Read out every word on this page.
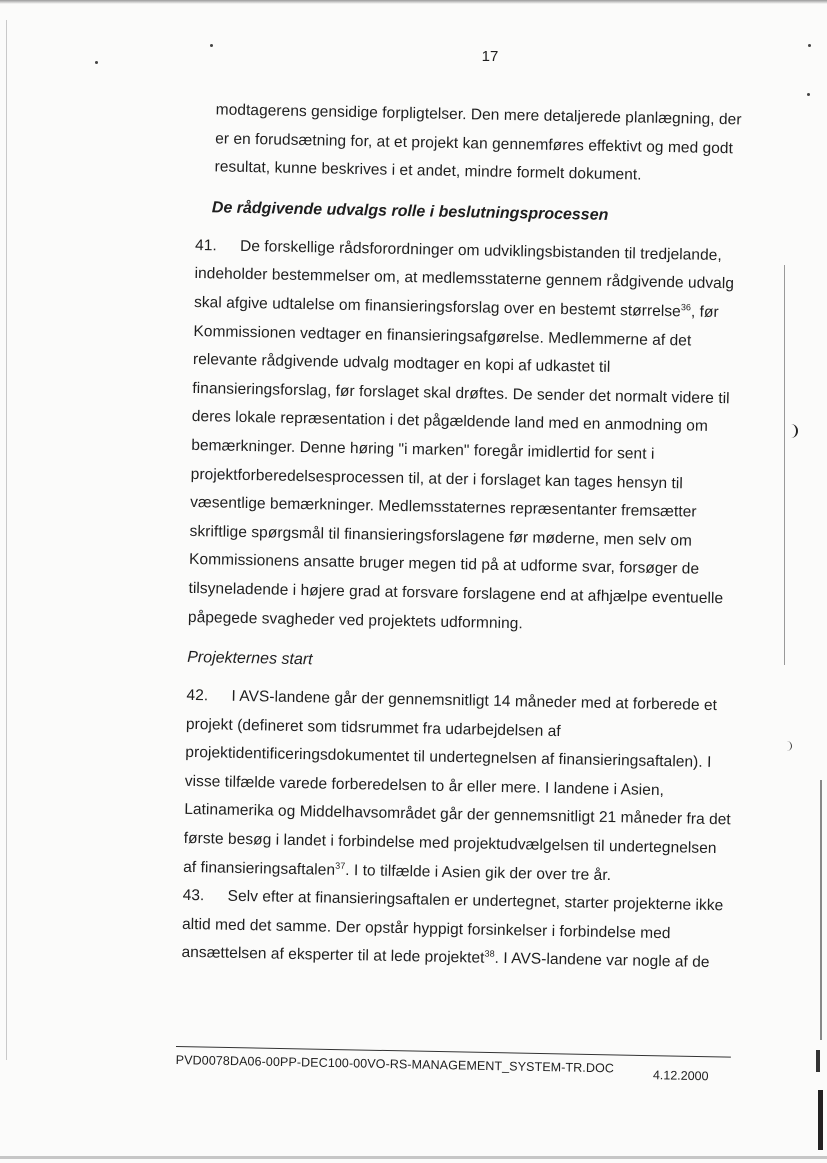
17

modtagerens gensidige forpligtelser. Den mere detaljerede planlægning, der er en forudsætning for, at et projekt kan gennemføres effektivt og med godt resultat, kunne beskrives i et andet, mindre formelt dokument.

De rådgivende udvalgs rolle i beslutningsprocessen

41. De forskellige rådsforordninger om udviklingsbistanden til tredjelande, indeholder bestemmelser om, at medlemsstaterne gennem rådgivende udvalg skal afgive udtalelse om finansieringsforslag over en bestemt størrelse$^{36}$, før Kommissionen vedtager en finansieringsafgørelse. Medlemmerne af det relevante rådgivende udvalg modtager en kopi af udkastet til finansieringsforslag, før forslaget skal drøftes. De sender det normalt videre til deres lokale repræsentation i det pågældende land med en anmodning om bemærkninger. Denne høring "i marken" foregår imidlertid for sent i projektforberedelsesprocessen til, at der i forslaget kan tages hensyn til væsentlige bemærkninger. Medlemsstaternes repræsentanter fremsætter skriftlige spørgsmål til finansieringsforslagene før møderne, men selv om Kommissionens ansatte bruger megen tid på at udforme svar, forsøger de tilsyneladende i højere grad at forsvare forslagene end at afhjælpe eventuelle påpegede svagheder ved projektets udformning.

Projekternes start

42. I AVS-landene går der gennemsnitligt 14 måneder med at forberede et projekt (defineret som tidsrummet fra udarbejdelsen af projektidentificeringsdokumentet til undertegnelsen af finansieringsaftalen). I visse tilfælde varede forberedelsen to år eller mere. I landene i Asien, Latinamerika og Middelhavsområdet går der gennemsnitligt 21 måneder fra det første besøg i landet i forbindelse med projektudvælgelsen til undertegnelsen af finansieringsaftalen$^{37}$. I to tilfælde i Asien gik der over tre år.

43. Selv efter at finansieringsaftalen er undertegnet, starter projekterne ikke altid med det samme. Der opstår hyppigt forsinkelser i forbindelse med ansættelsen af eksperter til at lede projektet$^{38}$. I AVS-landene var nogle af de

PVD0078DA06-00PP-DEC100-00VO-RS-MANAGEMENT_SYSTEM-TR.DOC
4.12.2000
